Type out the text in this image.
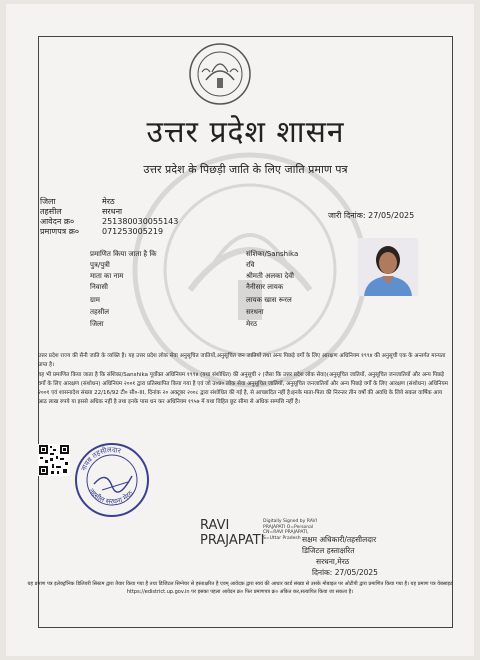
उत्तर प्रदेश शासन
उत्तर प्रदेश के पिछड़ी जाति के लिए जाति प्रमाण पत्र
जिला	मेरठ
तहसील	सरधना
आवेदन क्र०	251380030055143
प्रमाणपत्र क्र०	071253005219
जारी दिनांक: 27/05/2025
प्रमाणित किया जाता है कि	संशिका/Sanshika
पुत्र/पुत्री	रवि
माता का नाम	श्रीमती अलका देवी
निवासी	नैनीसार लायक
ग्राम	लायक खास रूरल
तहसील	सरधना
जिला	मेरठ

उत्तर प्रदेश राज्य की सैनी जाति के व्यक्ति है। यह उत्तर प्रदेश लोक सेवा अनुसूचित जातियों,अनुसूचित जन जातियों तथा अन्य पिछड़े वर्गों के लिए आरक्षण अधिनियम १९९४ की अनुसूची एक के अन्तर्गत मान्यता प्राप्त है।

यह भी प्रमाणित किया जाता है कि संशिका/Sanshika पूर्वोक्त अधिनियम १९९४ (यथा संशोधित) की अनुसूची २ (जैसा कि उत्तर प्रदेश लोक सेवा)(अनुसूचित जातियों, अनुसूचित जनजातियों और अन्य पिछड़े वर्गों के लिए आरक्षण (संशोधन) अधिनियम २००१ द्वारा प्रतिस्थापित किया गया है एवं जो उ०प्र० लोक सेवा अनुसूचित जातियों, अनुसूचित जनजातियों और अन्य पिछड़े वर्गों के लिए आरक्षण (संशोधन) अधिनियम २००१ एवं शासनादेश संख्या 22/16/92 टी० सी०-III, दिनांक २० अक्टूबर २००८ द्वारा संशोधित की गई है, से आच्छादित नहीं है।इनके माता-पिता की निरन्तर तीन वर्षों की अवधि के लिये सकल वार्षिक आय आठ लाख रुपये या इससे अधिक नहीं है तथा इनके पास धन कर अधिनियम १९५७ में यथा विहित छूट सीमा से अधिक सम्पत्ति नहीं है।

नायब तहसीलदार
तहसील सरधना मेरठ
RAVI
PRAJAPATI
Digitally Signed by RAVI PRAJAPATI O=Personal CN=RAVI PRAJAPATI, S=Uttar Pradesh सक्षम अधिकारी/तहसीलदार
डिजिटल हस्ताक्षरित
सरधना,मेरठ
दिनांक: 27/05/2025
यह प्रमाण पत्र इलेक्ट्रॉनिक डिलिवरी सिस्टम द्वारा तैयार किया गया है तथा डिजिटल सिग्नेचर से हस्ताक्षरित है एवम् आवेदक द्वारा स्वयं की आधार कार्ड संख्या से उसके मोबाइल पर ओटीपी द्वारा प्रमाणित किया गया है। यह प्रमाण पत्र वेबसाइट https://edistrict.up.gov.in पर इसका पहला आवेदन क्र० फिर प्रमाणपत्र क्र० अंकित कर,सत्यापित किया जा सकता है।
